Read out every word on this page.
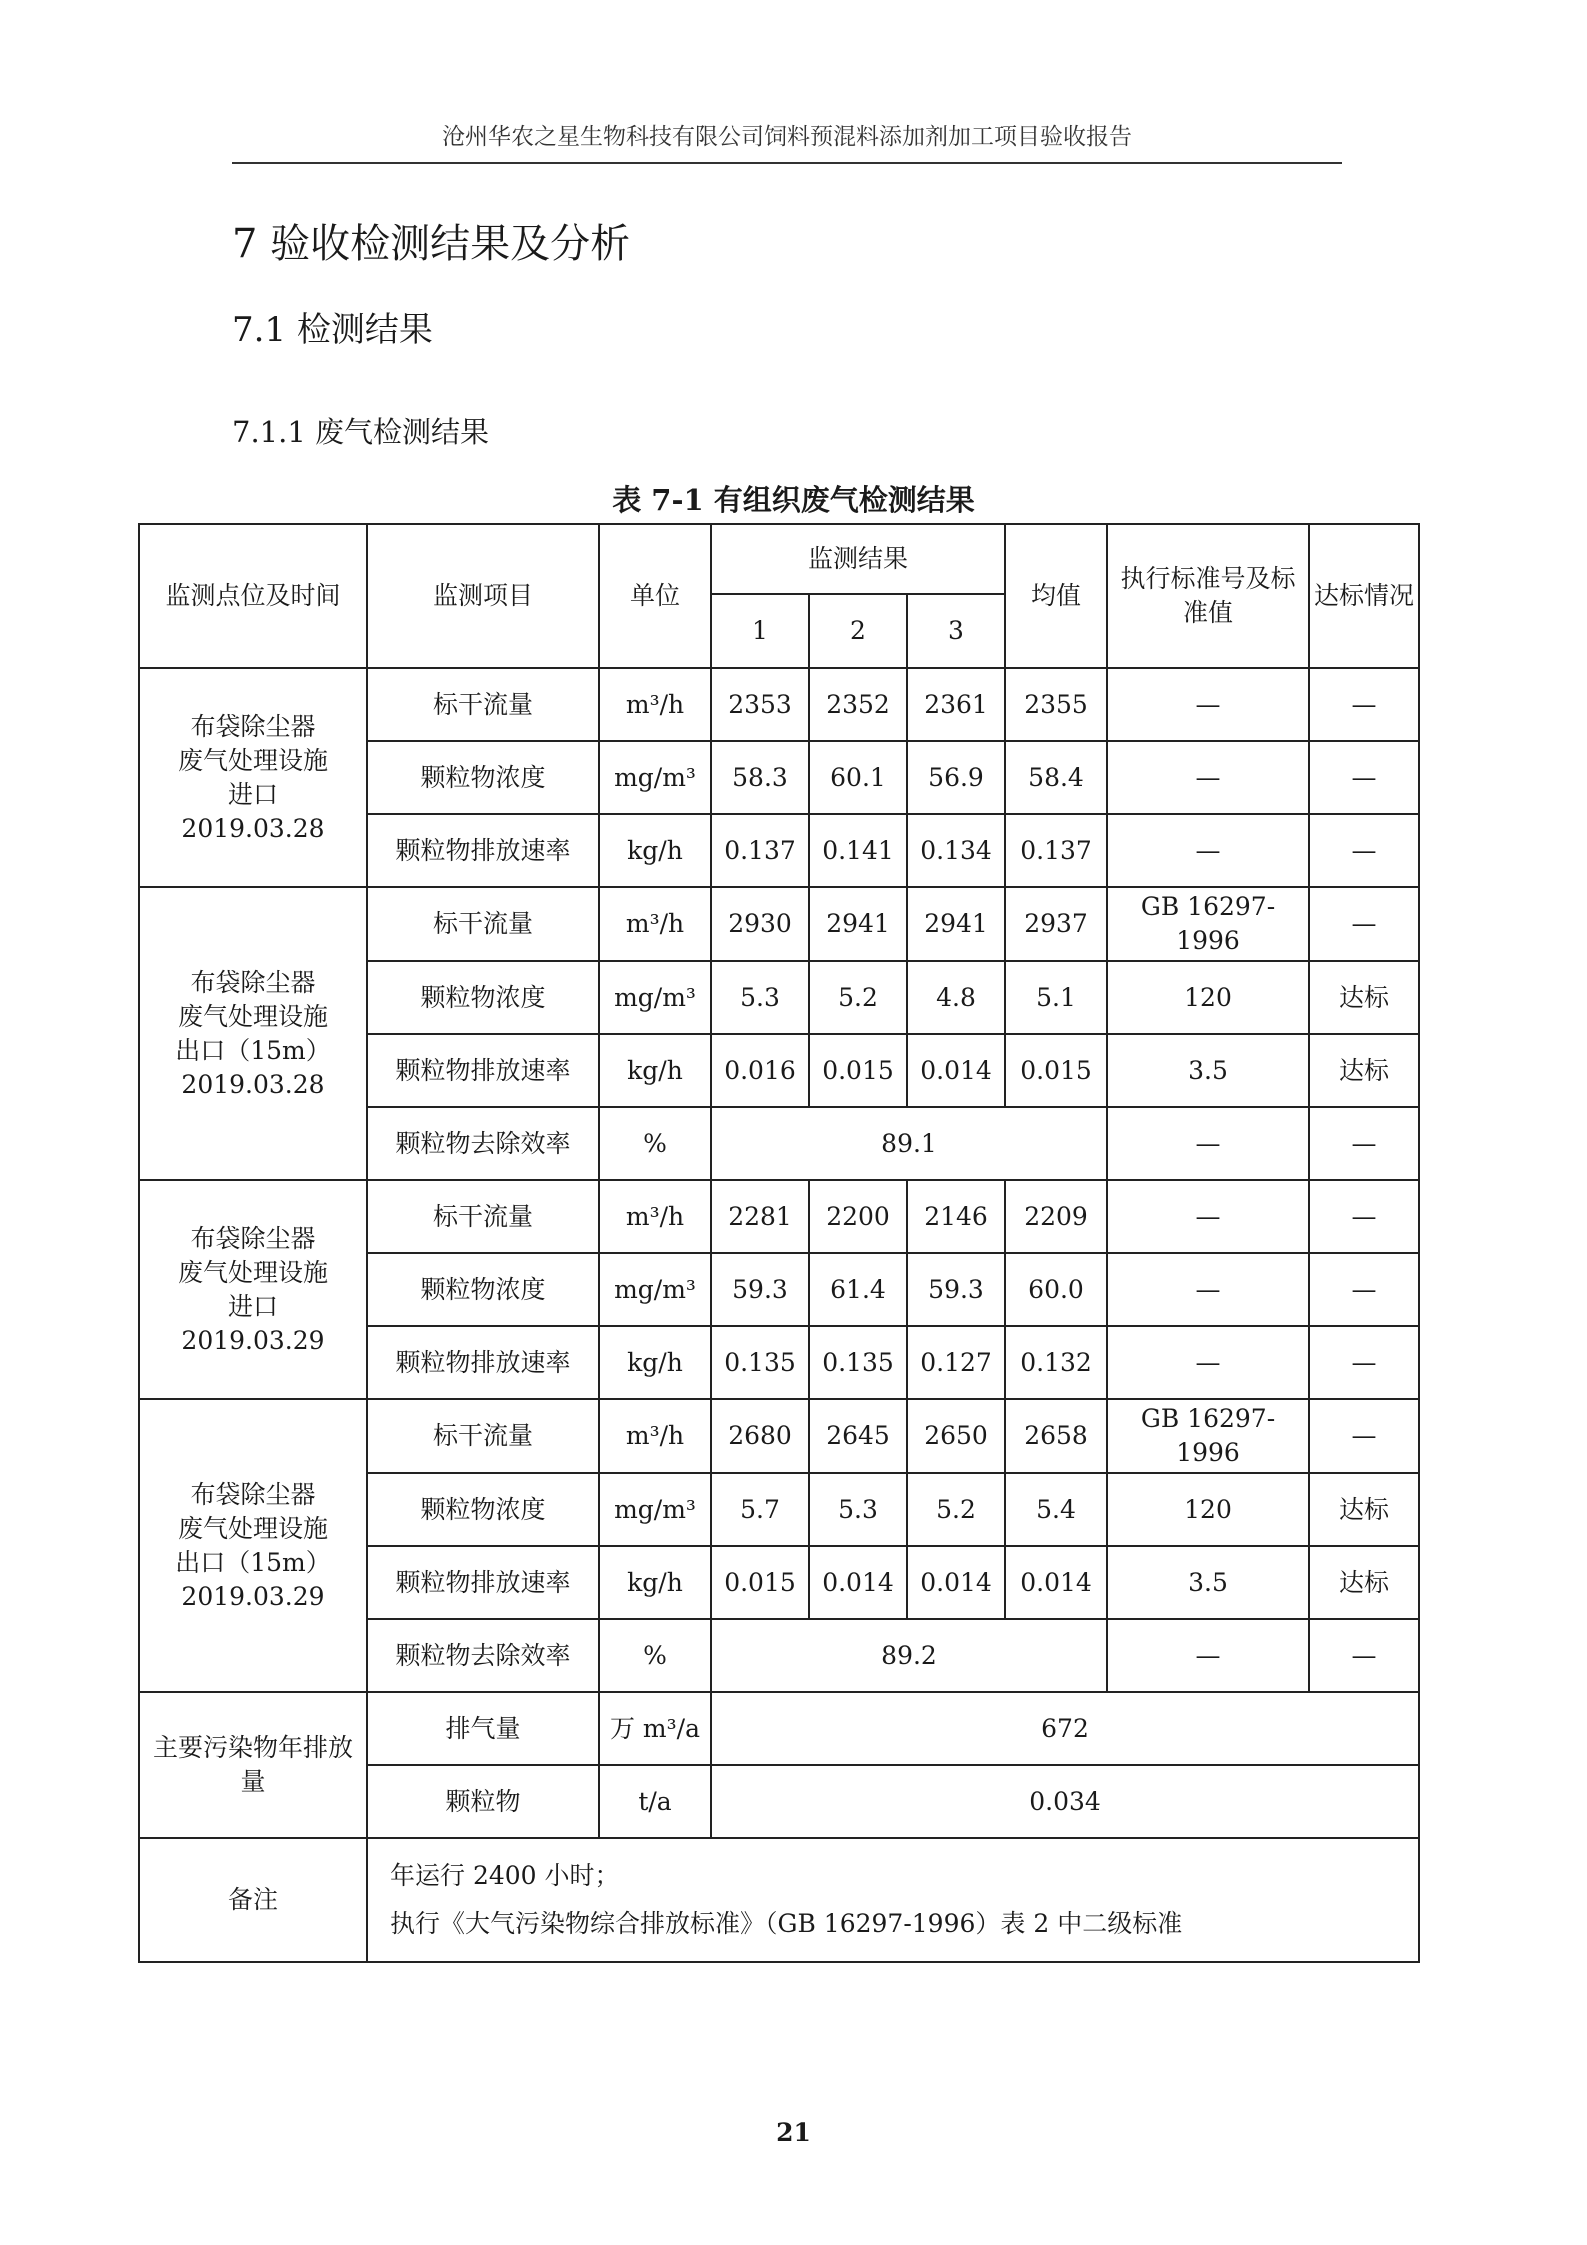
沧州华农之星生物科技有限公司饲料预混料添加剂加工项目验收报告
7 验收检测结果及分析
7.1 检测结果
7.1.1 废气检测结果
表 7-1 有组织废气检测结果
监测点位及时间	监测项目	单位	监测结果			均值	执行标准号及标准值	达标情况
			1	2	3			
布袋除尘器
废气处理设施
进口
2019.03.28	标干流量	m³/h	2353	2352	2361	2355	—	—
	颗粒物浓度	mg/m³	58.3	60.1	56.9	58.4	—	—
	颗粒物排放速率	kg/h	0.137	0.141	0.134	0.137	—	—
布袋除尘器
废气处理设施
出口（15m）
2019.03.28	标干流量	m³/h	2930	2941	2941	2937	GB 16297-1996	—
	颗粒物浓度	mg/m³	5.3	5.2	4.8	5.1	120	达标
	颗粒物排放速率	kg/h	0.016	0.015	0.014	0.015	3.5	达标
	颗粒物去除效率	%	89.1				—	—
布袋除尘器
废气处理设施
进口
2019.03.29	标干流量	m³/h	2281	2200	2146	2209	—	—
	颗粒物浓度	mg/m³	59.3	61.4	59.3	60.0	—	—
	颗粒物排放速率	kg/h	0.135	0.135	0.127	0.132	—	—
布袋除尘器
废气处理设施
出口（15m）
2019.03.29	标干流量	m³/h	2680	2645	2650	2658	GB 16297-1996	—
	颗粒物浓度	mg/m³	5.7	5.3	5.2	5.4	120	达标
	颗粒物排放速率	kg/h	0.015	0.014	0.014	0.014	3.5	达标
	颗粒物去除效率	%	89.2				—	—
主要污染物年排放量	排气量	万 m³/a	672					
	颗粒物	t/a	0.034					
备注	年运行 2400 小时；
执行《大气污染物综合排放标准》（GB 16297-1996）表 2 中二级标准							
21
